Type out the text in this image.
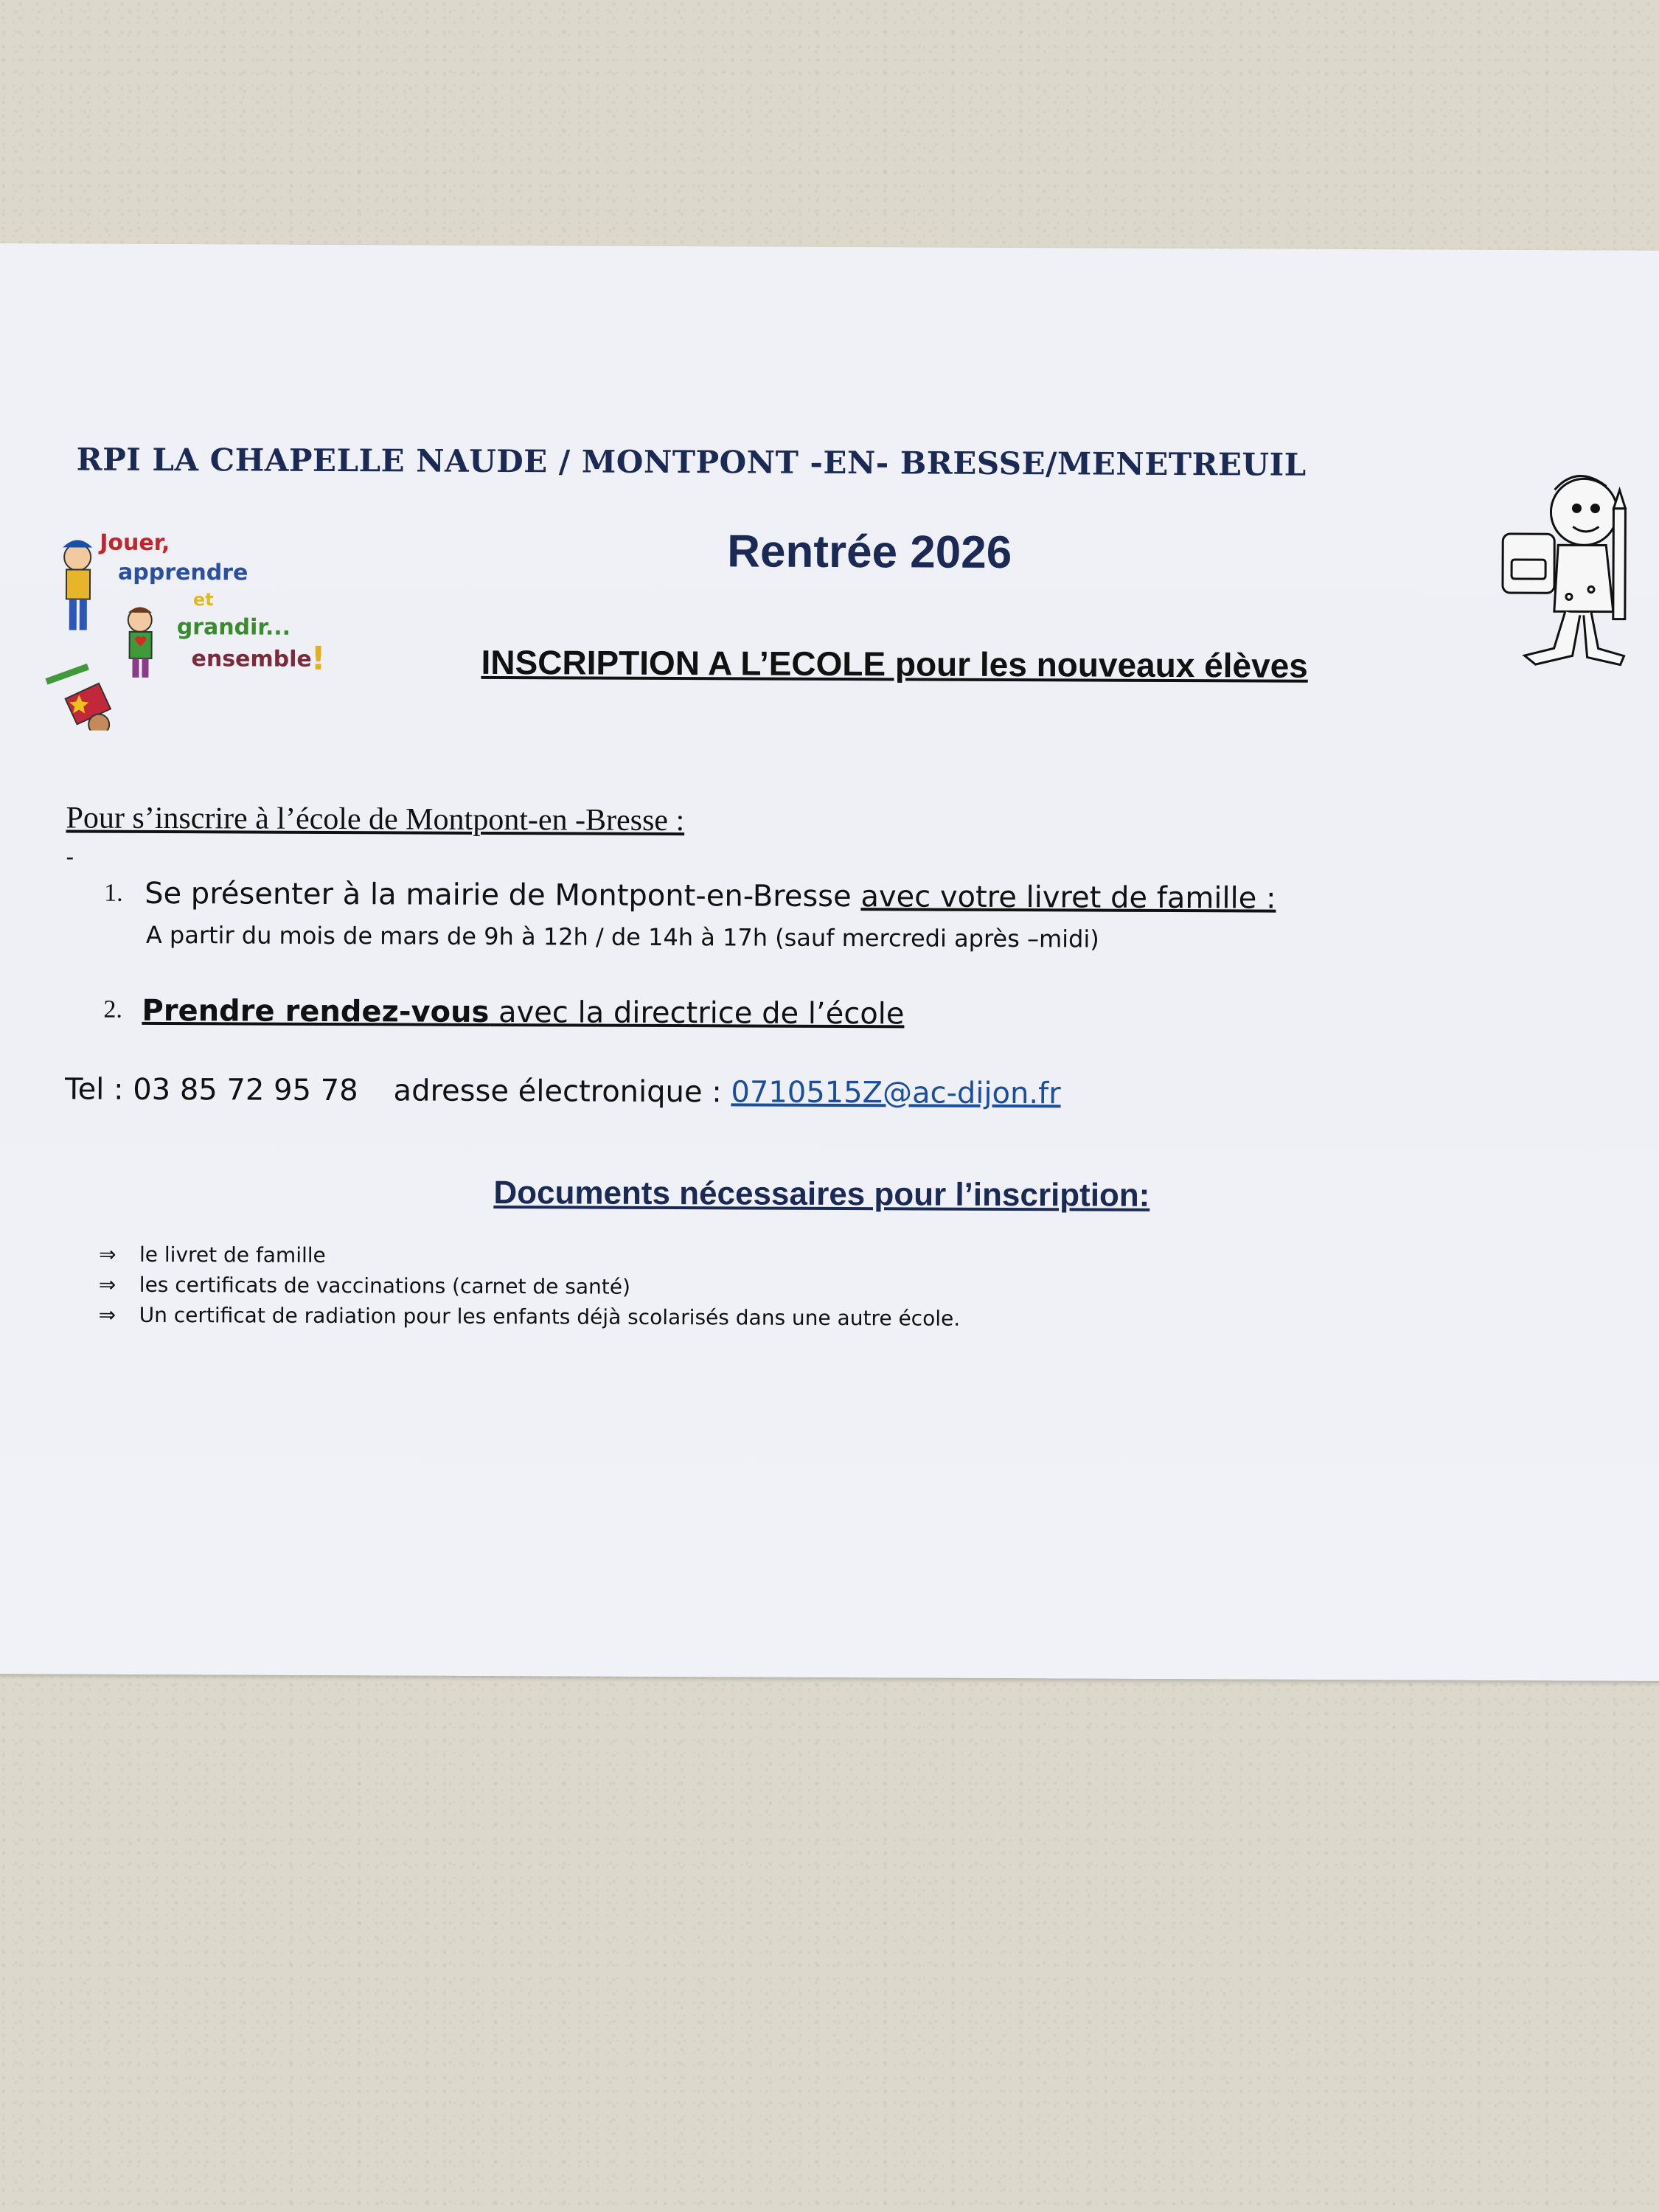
RPI LA CHAPELLE NAUDE / MONTPONT -EN- BRESSE/MENETREUIL
Jouer,
apprendre
et
grandir...
ensemble
!
Rentrée 2026
INSCRIPTION A L’ECOLE pour les nouveaux élèves
Pour s’inscrire à l’école de Montpont-en -Bresse :
-
1. Se présenter à la mairie de Montpont-en-Bresse avec votre livret de famille :
A partir du mois de mars de 9h à 12h / de 14h à 17h (sauf mercredi après –midi)
2. Prendre rendez-vous avec la directrice de l’école
Tel : 03 85 72 95 78 adresse électronique : 0710515Z@ac-dijon.fr
Documents nécessaires pour l’inscription:
⇒ le livret de famille
⇒ les certificats de vaccinations (carnet de santé)
⇒ Un certificat de radiation pour les enfants déjà scolarisés dans une autre école.
